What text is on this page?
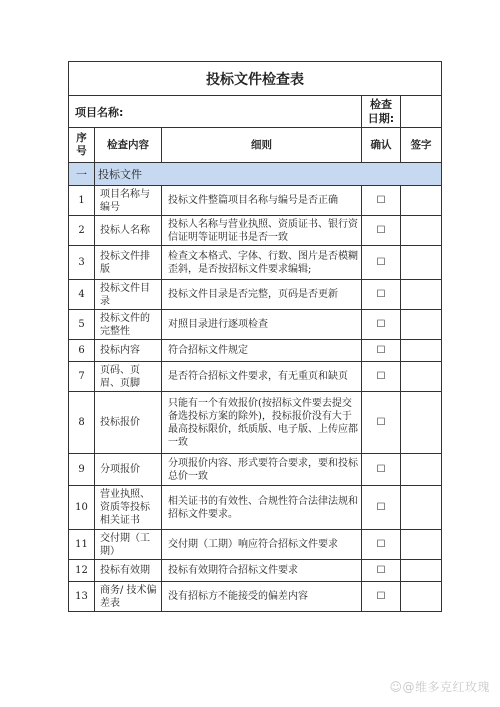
投标文件检查表				
项目名称:			检查
日期:	
序
号	检查内容	细则	确认	签字
一	投标文件			
1	项目名称与编号	投标文件整篇项目名称与编号是否正确	☐	
2	投标人名称	投标人名称与营业执照、资质证书、银行资信证明等证明证书是否一致	☐	
3	投标文件排版	检查文本格式、字体、行数、图片是否模糊歪斜，是否按招标文件要求编辑;	☐	
4	投标文件目录	投标文件目录是否完整，页码是否更新	☐	
5	投标文件的完整性	对照目录进行逐项检查	☐	
6	投标内容	符合招标文件规定	☐	
7	页码、页眉、页脚	是否符合招标文件要求，有无重页和缺页	☐	
8	投标报价	只能有一个有效报价(按招标文件要去提交备选投标方案的除外)，投标报价没有大于最高投标限价，纸质版、电子版、上传应都一致	☐	
9	分项报价	分项报价内容、形式要符合要求，要和投标总价一致	☐	
10	营业执照、资质等投标相关证书	相关证书的有效性、合规性符合法律法规和招标文件要求。	☐	
11	交付期（工期）	交付期（工期）响应符合招标文件要求	☐	
12	投标有效期	投标有效期符合招标文件要求	☐	
13	商务/ 技术偏差表	没有招标方不能接受的偏差内容	☐	
☺@维多克红玫瑰
